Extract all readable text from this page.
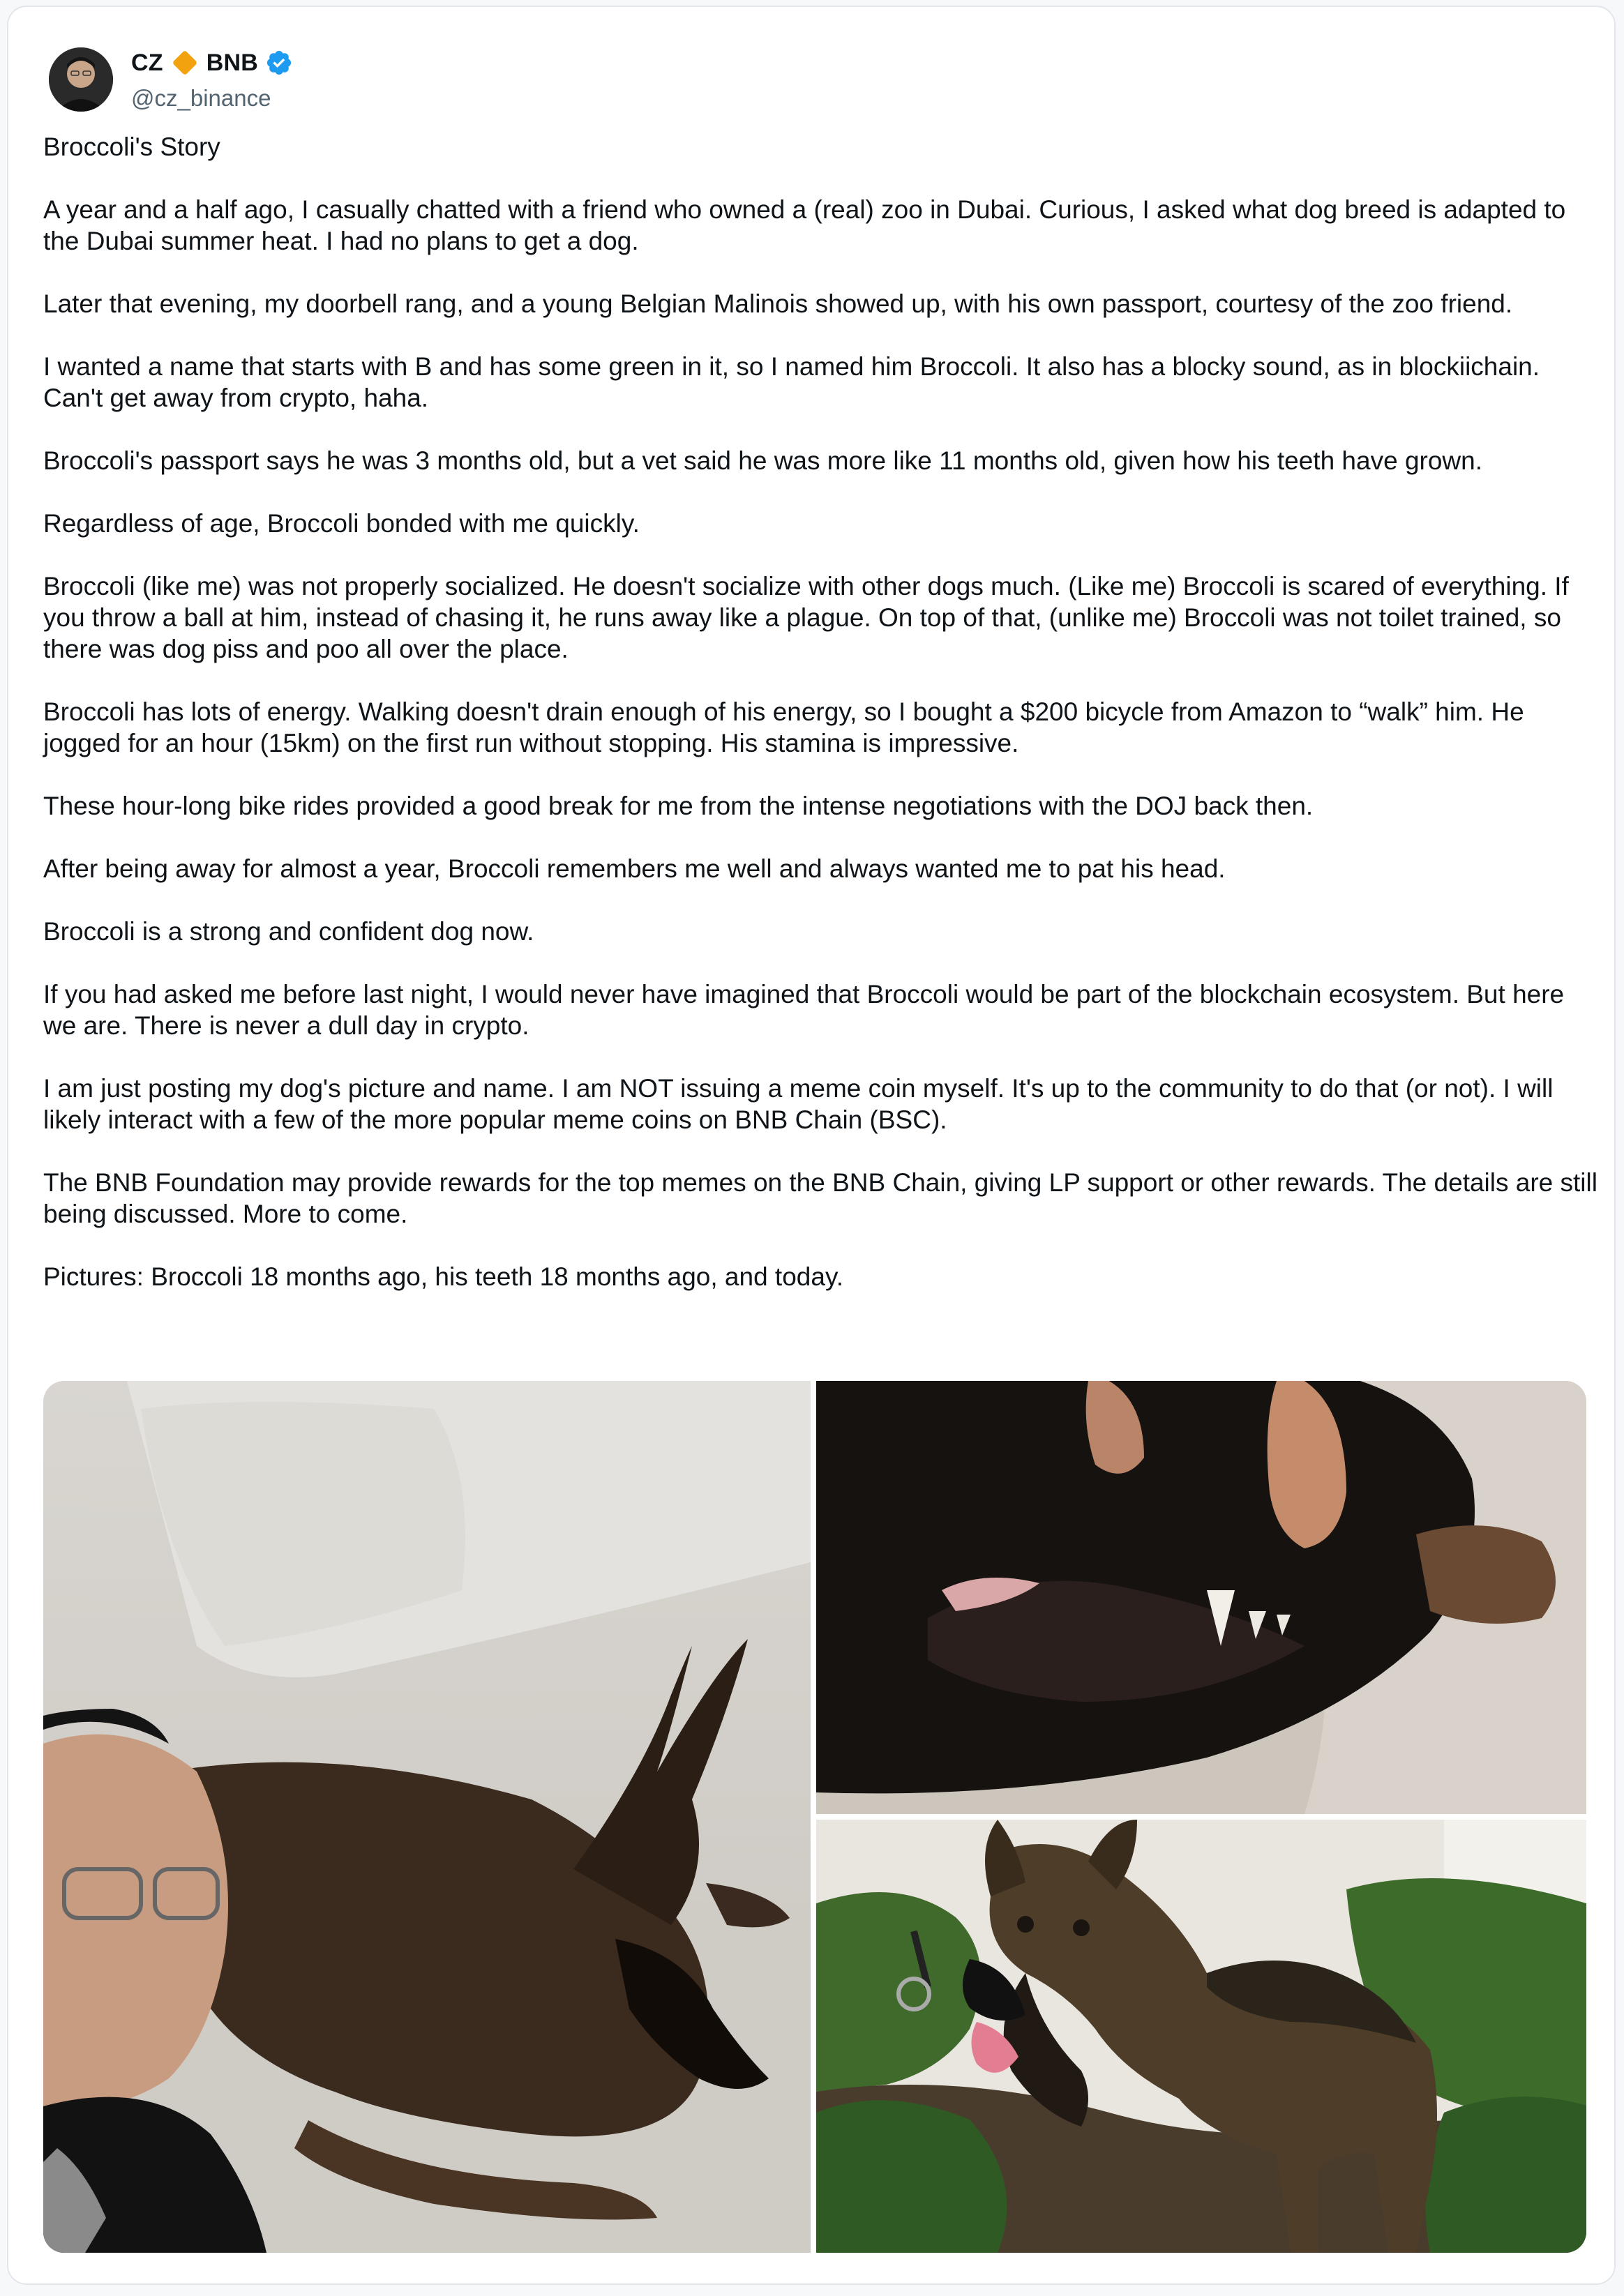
CZ BNB
@cz_binance

Broccoli's Story

A year and a half ago, I casually chatted with a friend who owned a (real) zoo in Dubai. Curious, I asked what dog breed is adapted to the Dubai summer heat. I had no plans to get a dog.

Later that evening, my doorbell rang, and a young Belgian Malinois showed up, with his own passport, courtesy of the zoo friend.

I wanted a name that starts with B and has some green in it, so I named him Broccoli. It also has a blocky sound, as in blockiichain. Can't get away from crypto, haha.

Broccoli's passport says he was 3 months old, but a vet said he was more like 11 months old, given how his teeth have grown.

Regardless of age, Broccoli bonded with me quickly.

Broccoli (like me) was not properly socialized. He doesn't socialize with other dogs much. (Like me) Broccoli is scared of everything. If you throw a ball at him, instead of chasing it, he runs away like a plague. On top of that, (unlike me) Broccoli was not toilet trained, so there was dog piss and poo all over the place.

Broccoli has lots of energy. Walking doesn't drain enough of his energy, so I bought a $200 bicycle from Amazon to “walk” him. He jogged for an hour (15km) on the first run without stopping. His stamina is impressive.

These hour-long bike rides provided a good break for me from the intense negotiations with the DOJ back then.

After being away for almost a year, Broccoli remembers me well and always wanted me to pat his head.

Broccoli is a strong and confident dog now.

If you had asked me before last night, I would never have imagined that Broccoli would be part of the blockchain ecosystem. But here we are. There is never a dull day in crypto.

I am just posting my dog's picture and name. I am NOT issuing a meme coin myself. It's up to the community to do that (or not). I will likely interact with a few of the more popular meme coins on BNB Chain (BSC).

The BNB Foundation may provide rewards for the top memes on the BNB Chain, giving LP support or other rewards. The details are still being discussed. More to come.

Pictures: Broccoli 18 months ago, his teeth 18 months ago, and today.
